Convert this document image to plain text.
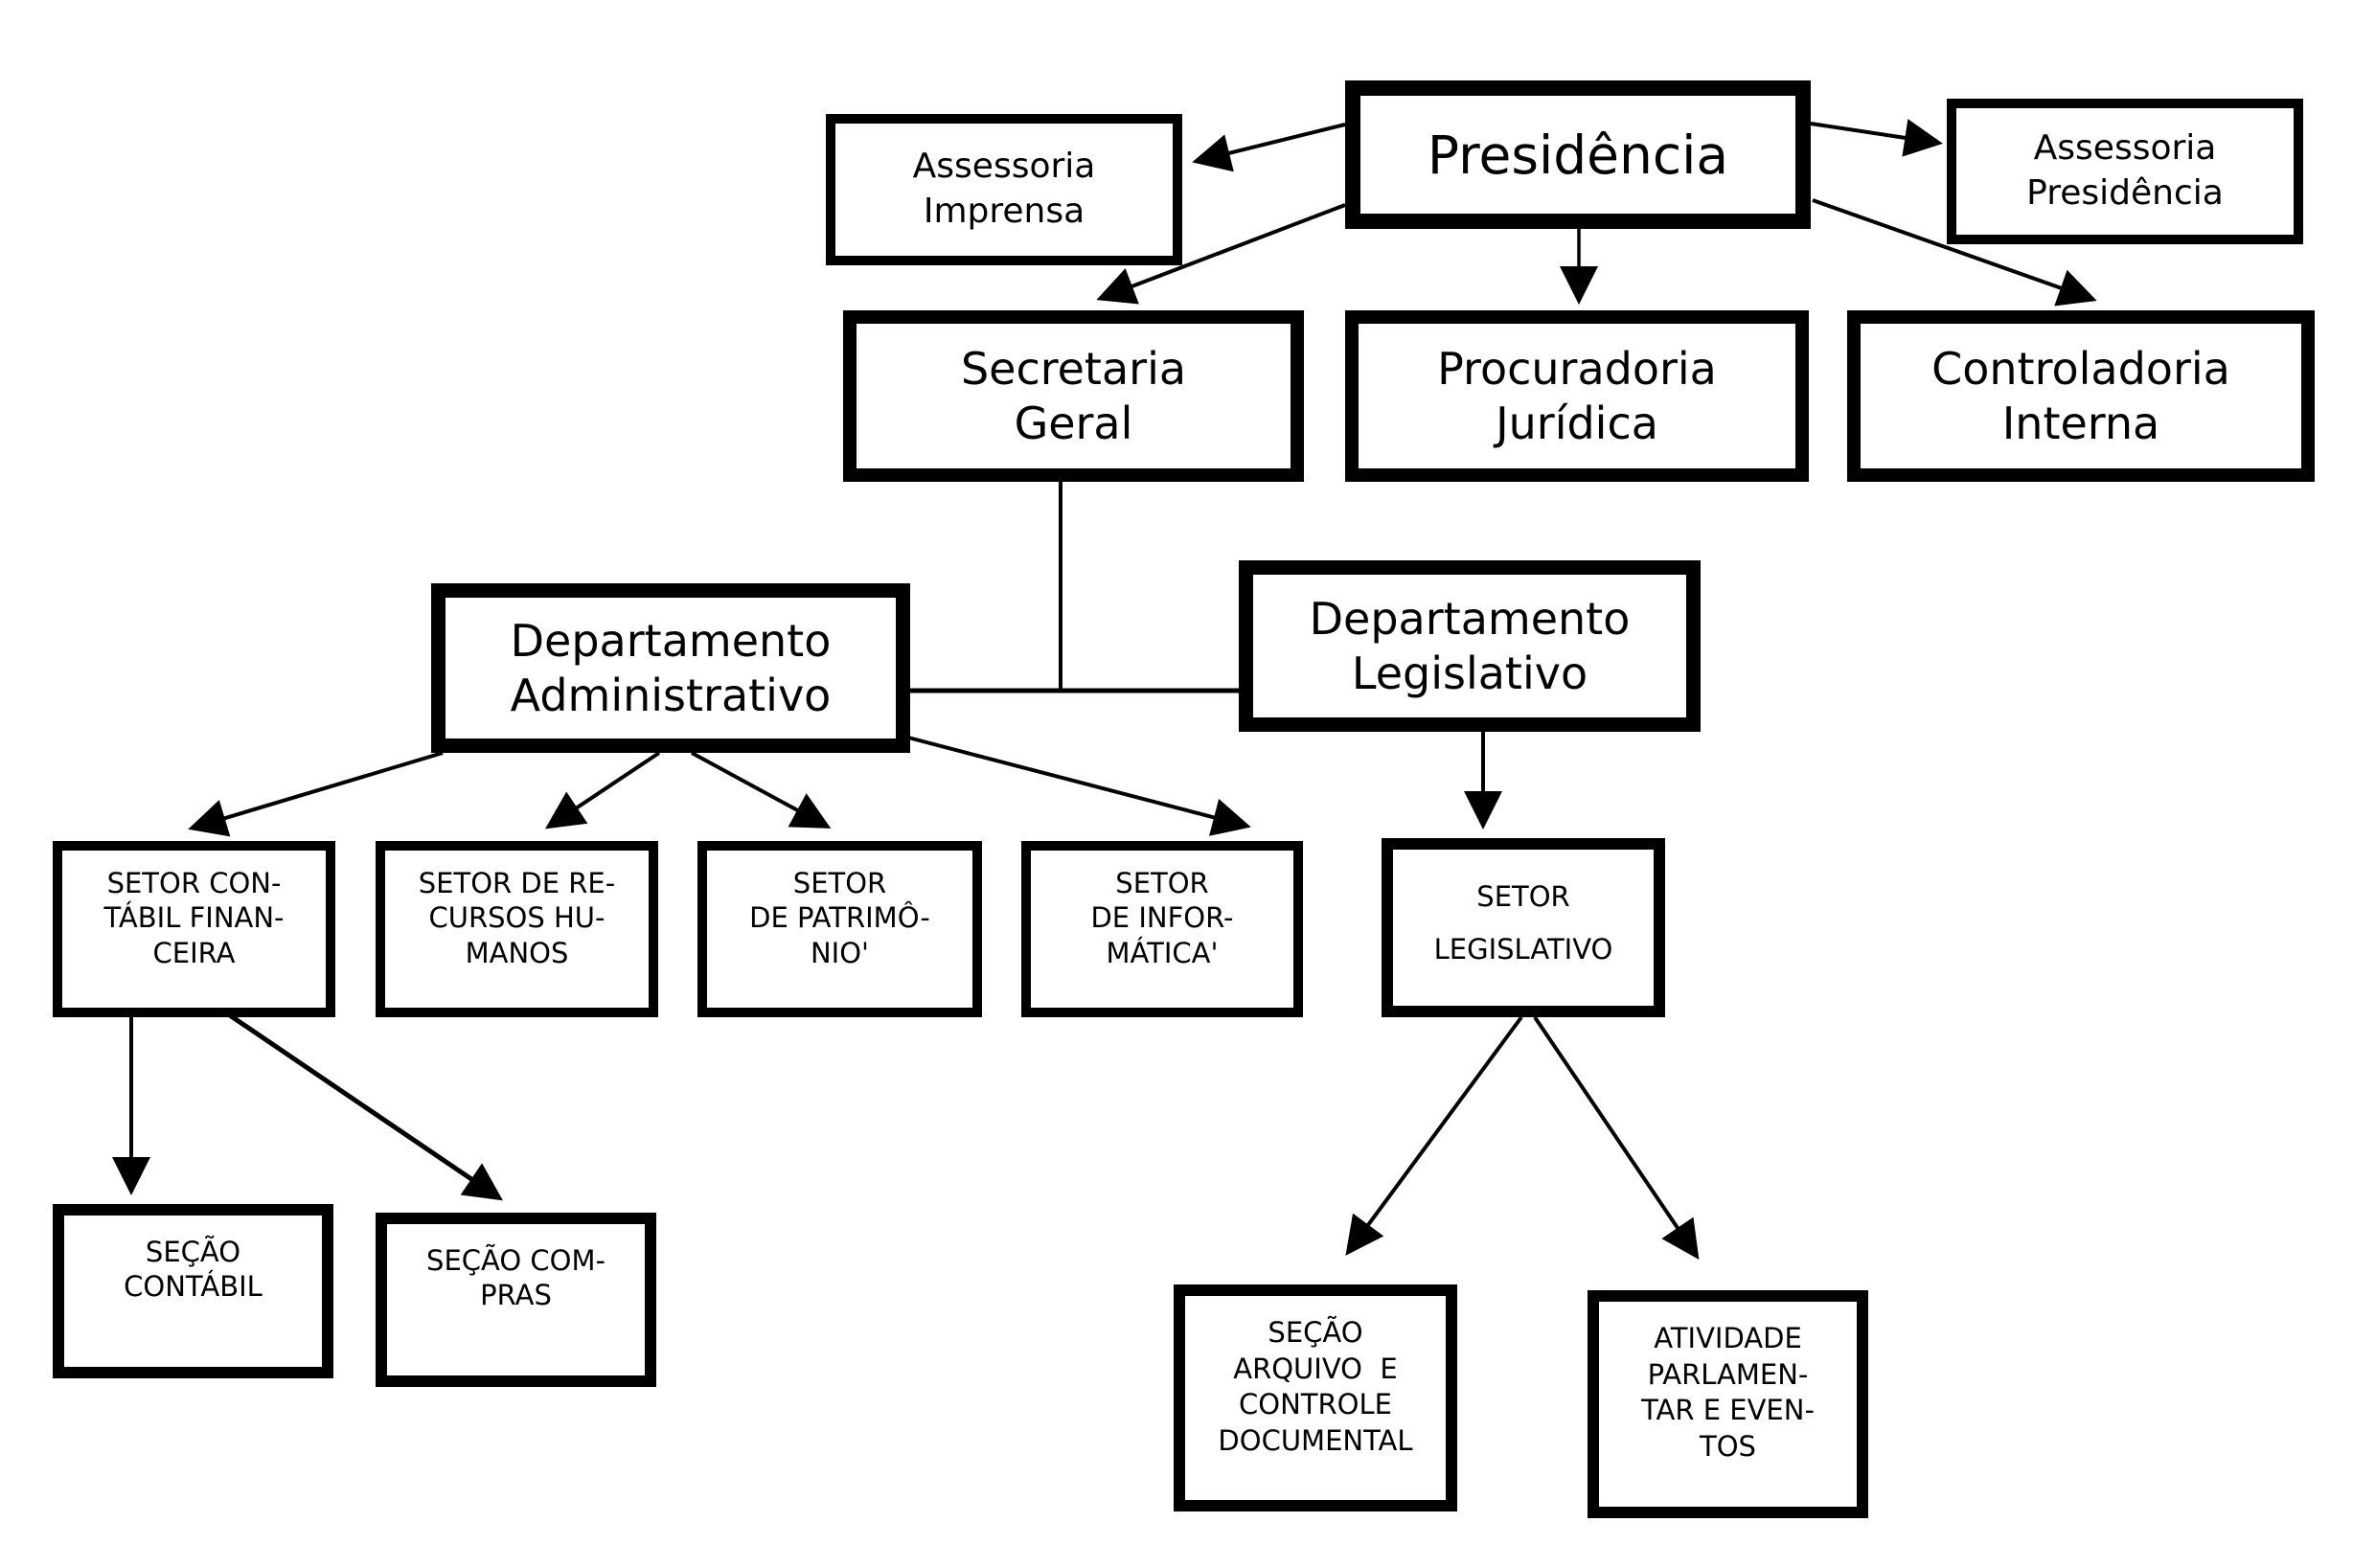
Assessoria
Imprensa
Presidência	Assessoria
Presidência
Secretaria
Geral
Procuradoria
Jurídica
Controladoria
Interna
Departamento
Administrativo
Departamento
Legislativo
SETOR CON-
TÁBIL FINAN-
CEIRA
SETOR DE RE-
CURSOS HU-
MANOS
SETOR
DE PATRIMÔ-
NIO'
SETOR
DE INFOR-
MÁTICA'
SETOR
LEGISLATIVO
SEÇÃO
CONTÁBIL
SEÇÃO COM-
PRAS
SEÇÃO
ARQUIVO  E
CONTROLE
DOCUMENTAL
ATIVIDADE
PARLAMEN-
TAR E EVEN-
TOS
